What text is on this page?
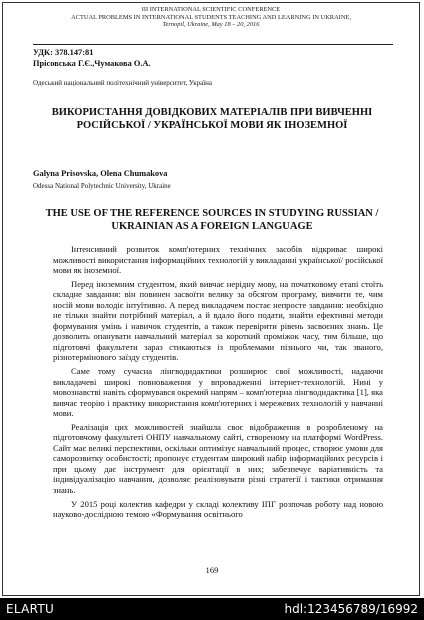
III INTERNATIONAL SCIENTIFIC CONFERENCE
ACTUAL PROBLEMS IN INTERNATIONAL STUDENTS TEACHING AND LEARNING IN UKRAINE,
Ternopil, Ukraine, May 18 – 20, 2016
УДК: 378.147:81
Пріcовська Г.Є.,Чумакова О.А.
Одеський національний політехнічний університет, Україна
ВИКОРИСТАННЯ ДОВІДКОВИХ МАТЕРІАЛІВ ПРИ ВИВЧЕННІ РОСІЙСЬКОЇ / УКРАЇНСЬКОЇ МОВИ ЯК ІНОЗЕМНОЇ
Galyna Prisovska, Olena Chumakova
Odessa National Polytechnic University, Ukraine
THE USE OF THE REFERENCE SOURCES IN STUDYING RUSSIAN / UKRAINIAN AS A FOREIGN LANGUAGE

Інтенсивний розвиток комп'ютерних технічних засобів відкриває широкі можливості використання інформаційних технологій у викладанні української/ російської мови як іноземної.

Перед іноземним студентом, який вивчає нерідну мову, на початковому етапі стоїть складне завдання: він повинен засвоїти велику за обсягом програму, вивчити те, чим носій мови володіє інтуїтивно. А перед викладачем постає непросте завдання: необхідно не тільки знайти потрібний матеріал, а й вдало його подати, знайти ефективні методи формування умінь і навичок студентів, а також перевірити рівень засвоєних знань. Це дозволить опанувати навчальний матеріал за короткий проміжок часу, тим більше, що підготовчі факультети зараз стикаються із проблемами пізнього чи, так званого, різнотермінового заїзду студентів.

Саме тому сучасна лінгводидактики розширює свої можливості, надаючи викладачеві широкі повноваження у впровадженні інтернет-технологій. Нині у мовознавстві навіть сформувався окремий напрям – комп'ютерна лінгводидактика [1], яка вивчає теорію і практику використання комп'ютерних і мережевих технологій у навчанні мови.

Реалізація цих можливостей знайшла своє відображення в розробленому на підготовчому факультеті ОНПУ навчальному сайті, створеному на платформі WordPress. Сайт має великі перспективи, оскільки оптимізує навчальний процес, створює умови для саморозвитку особистості; пропонує студентам широкий набір інформаційних ресурсів і при цьому дає інструмент для орієнтації в них; забезпечує варіативність та індивідуалізацію навчання, дозволяє реалізовувати різні стратегії і тактики отримання знань.

У 2015 році колектив кафедри у складі колективу ІПГ розпочав роботу над новою науково-дослідною темою «Формування освітнього

169
ELARTU	hdl:123456789/16992
